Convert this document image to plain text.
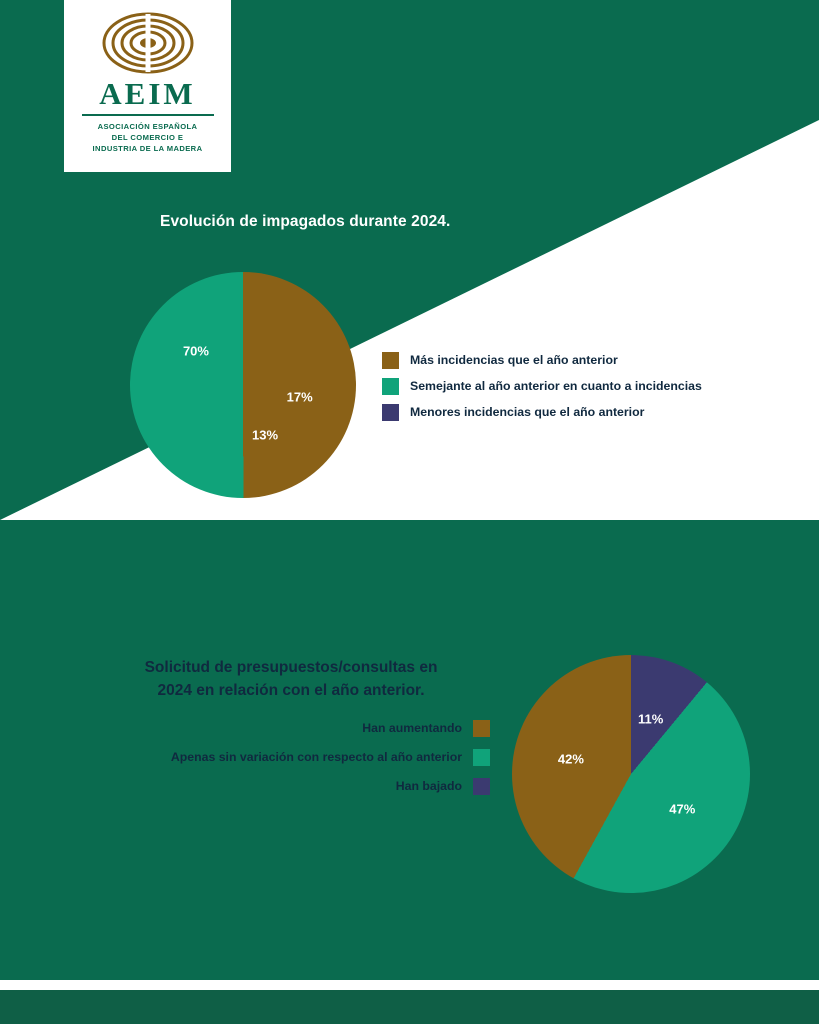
AEIM
ASOCIACIÓN ESPAÑOLA
DEL COMERCIO E
INDUSTRIA DE LA MADERA
Evolución de impagados durante 2024.
17%
13%
70%
Más incidencias que el año anterior
Semejante al año anterior en cuanto a incidencias
Menores incidencias que el año anterior
Solicitud de presupuestos/consultas en
2024 en relación con el año anterior.
Han aumentando
Apenas sin variación con respecto al año anterior
Han bajado
11%
47%
42%
